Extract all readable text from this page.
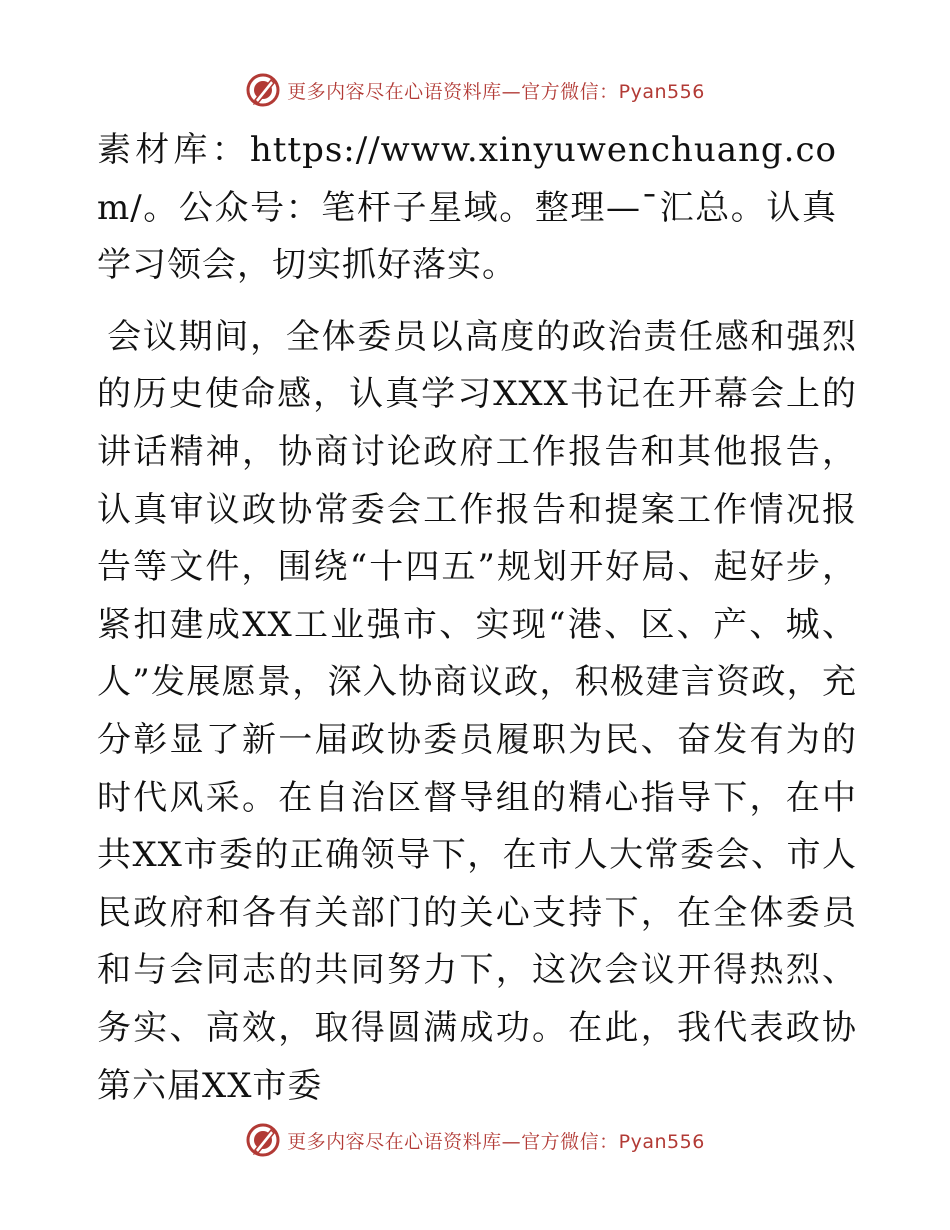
更多内容尽在心语资料库—官方微信：Pyan556

素材库：https://www.xinyuwenchuang.com/。公众号：笔杆子星域。整理—¯汇总。认真学习领会，切实抓好落实。

会议期间，全体委员以高度的政治责任感和强烈的历史使命感，认真学习XXX书记在开幕会上的讲话精神，协商讨论政府工作报告和其他报告，认真审议政协常委会工作报告和提案工作情况报告等文件，围绕“十四五”规划开好局、起好步，紧扣建成XX工业强市、实现“港、区、产、城、人”发展愿景，深入协商议政，积极建言资政，充分彰显了新一届政协委员履职为民、奋发有为的时代风采。在自治区督导组的精心指导下，在中共XX市委的正确领导下，在市人大常委会、市人民政府和各有关部门的关心支持下，在全体委员和与会同志的共同努力下，这次会议开得热烈、务实、高效，取得圆满成功。在此，我代表政协第六届XX市委

更多内容尽在心语资料库—官方微信：Pyan556
